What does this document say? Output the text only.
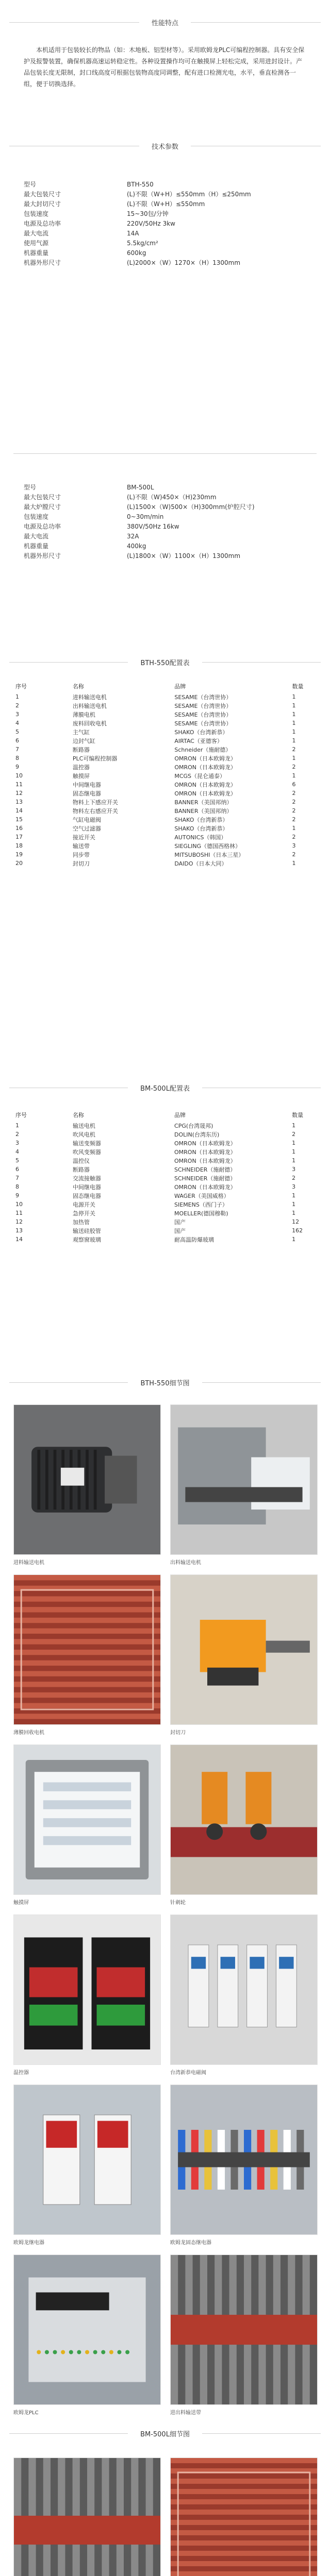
性能特点
本机适用于包装较长的物品（如：木地板、铝型材等）。采用欧姆龙PLC可编程控制器。具有安全保护及报警装置，确保机器高速运转稳定性。各种设置操作均可在触摸屏上轻松完成，采用进封设计。产品包装长度无限制，封口线高度可根据包装物高度同调整，配有进口检测光电，水平，垂直检测各一组，便于切换选择。
技术参数
型号	BTH-550
最大包装尺寸	(L)不限（W+H）≤550mm（H）≤250mm
最大封切尺寸	(L)不限（W+H）≤550mm
包装速度	15~30包/分钟
电源及总功率	220V/50Hz 3kw
最大电流	14A
使用气源	5.5kg/cm²
机器重量	600kg
机器外形尺寸	(L)2000×（W）1270×（H）1300mm
型号	BM-500L
最大包装尺寸	(L)不限（W)450×（H)230mm
最大炉膛尺寸	(L)1500×（W)500×（H)300mm(炉腔尺寸)
包装速度	0~30m/min
电源及总功率	380V/50Hz 16kw
最大电流	32A
机器重量	400kg
机器外形尺寸	(L)1800×（W）1100×（H）1300mm
BTH-550配置表
序号	名称	品牌	数量
1	进料输送电机	SESAME（台湾世协）	1
2	出料输送电机	SESAME（台湾世协）	1
3	薄膜电机	SESAME（台湾世协）	1
4	废料回收电机	SESAME（台湾世协）	1
5	主气缸	SHAKO（台湾新恭）	1
6	边封气缸	AIRTAC（亚德客）	1
7	断路器	Schneider（施耐德）	2
8	PLC可编程控制器	OMRON（日本欧姆龙）	1
9	温控器	OMRON（日本欧姆龙）	2
10	触摸屏	MCGS（昆仑通泰）	1
11	中间继电器	OMRON（日本欧姆龙）	6
12	固态继电器	OMRON（日本欧姆龙）	2
13	物料上下感应开关	BANNER（美国邦纳）	2
14	物料左右感应开关	BANNER（美国邦纳）	2
15	气缸电磁阀	SHAKO（台湾新恭）	2
16	空气过滤器	SHAKO（台湾新恭）	1
17	接近开关	AUTONICS（韩国）	2
18	输送带	SIEGLING（德国西格林）	3
19	同步带	MITSUBOSHI（日本三星）	2
20	封切刀	DAIDO（日本大同）	1
BM-500L配置表
序号	名称	品牌	数量
1	输送电机	CPG(台湾晟邦)	1
2	吹风电机	DOLIN(台湾东历)	2
3	输送变频器	OMRON（日本欧姆龙）	1
4	吹风变频器	OMRON（日本欧姆龙）	1
5	温控仪	OMRON（日本欧姆龙）	1
6	断路器	SCHNEIDER（施耐德）	3
7	交流接触器	SCHNEIDER（施耐德）	2
8	中间继电器	OMRON（日本欧姆龙）	3
9	固态继电器	WAGER（美国威格）	1
10	电源开关	SIEMENS（西门子）	1
11	急停开关	MOELLER(德国穆勒)	1
12	加热管	国产	12
13	输送硅胶管	国产	162
14	观察窗玻璃	耐高温防爆玻璃	1
BTH-550细节图
进料输送电机	出料输送电机
薄膜回收电机	封切刀
触摸屏	针刺轮
温控器	台湾新恭电磁阀
欧姆龙继电器	欧姆龙固态继电器
欧姆龙PLC	进出料输送带
BM-500L细节图
